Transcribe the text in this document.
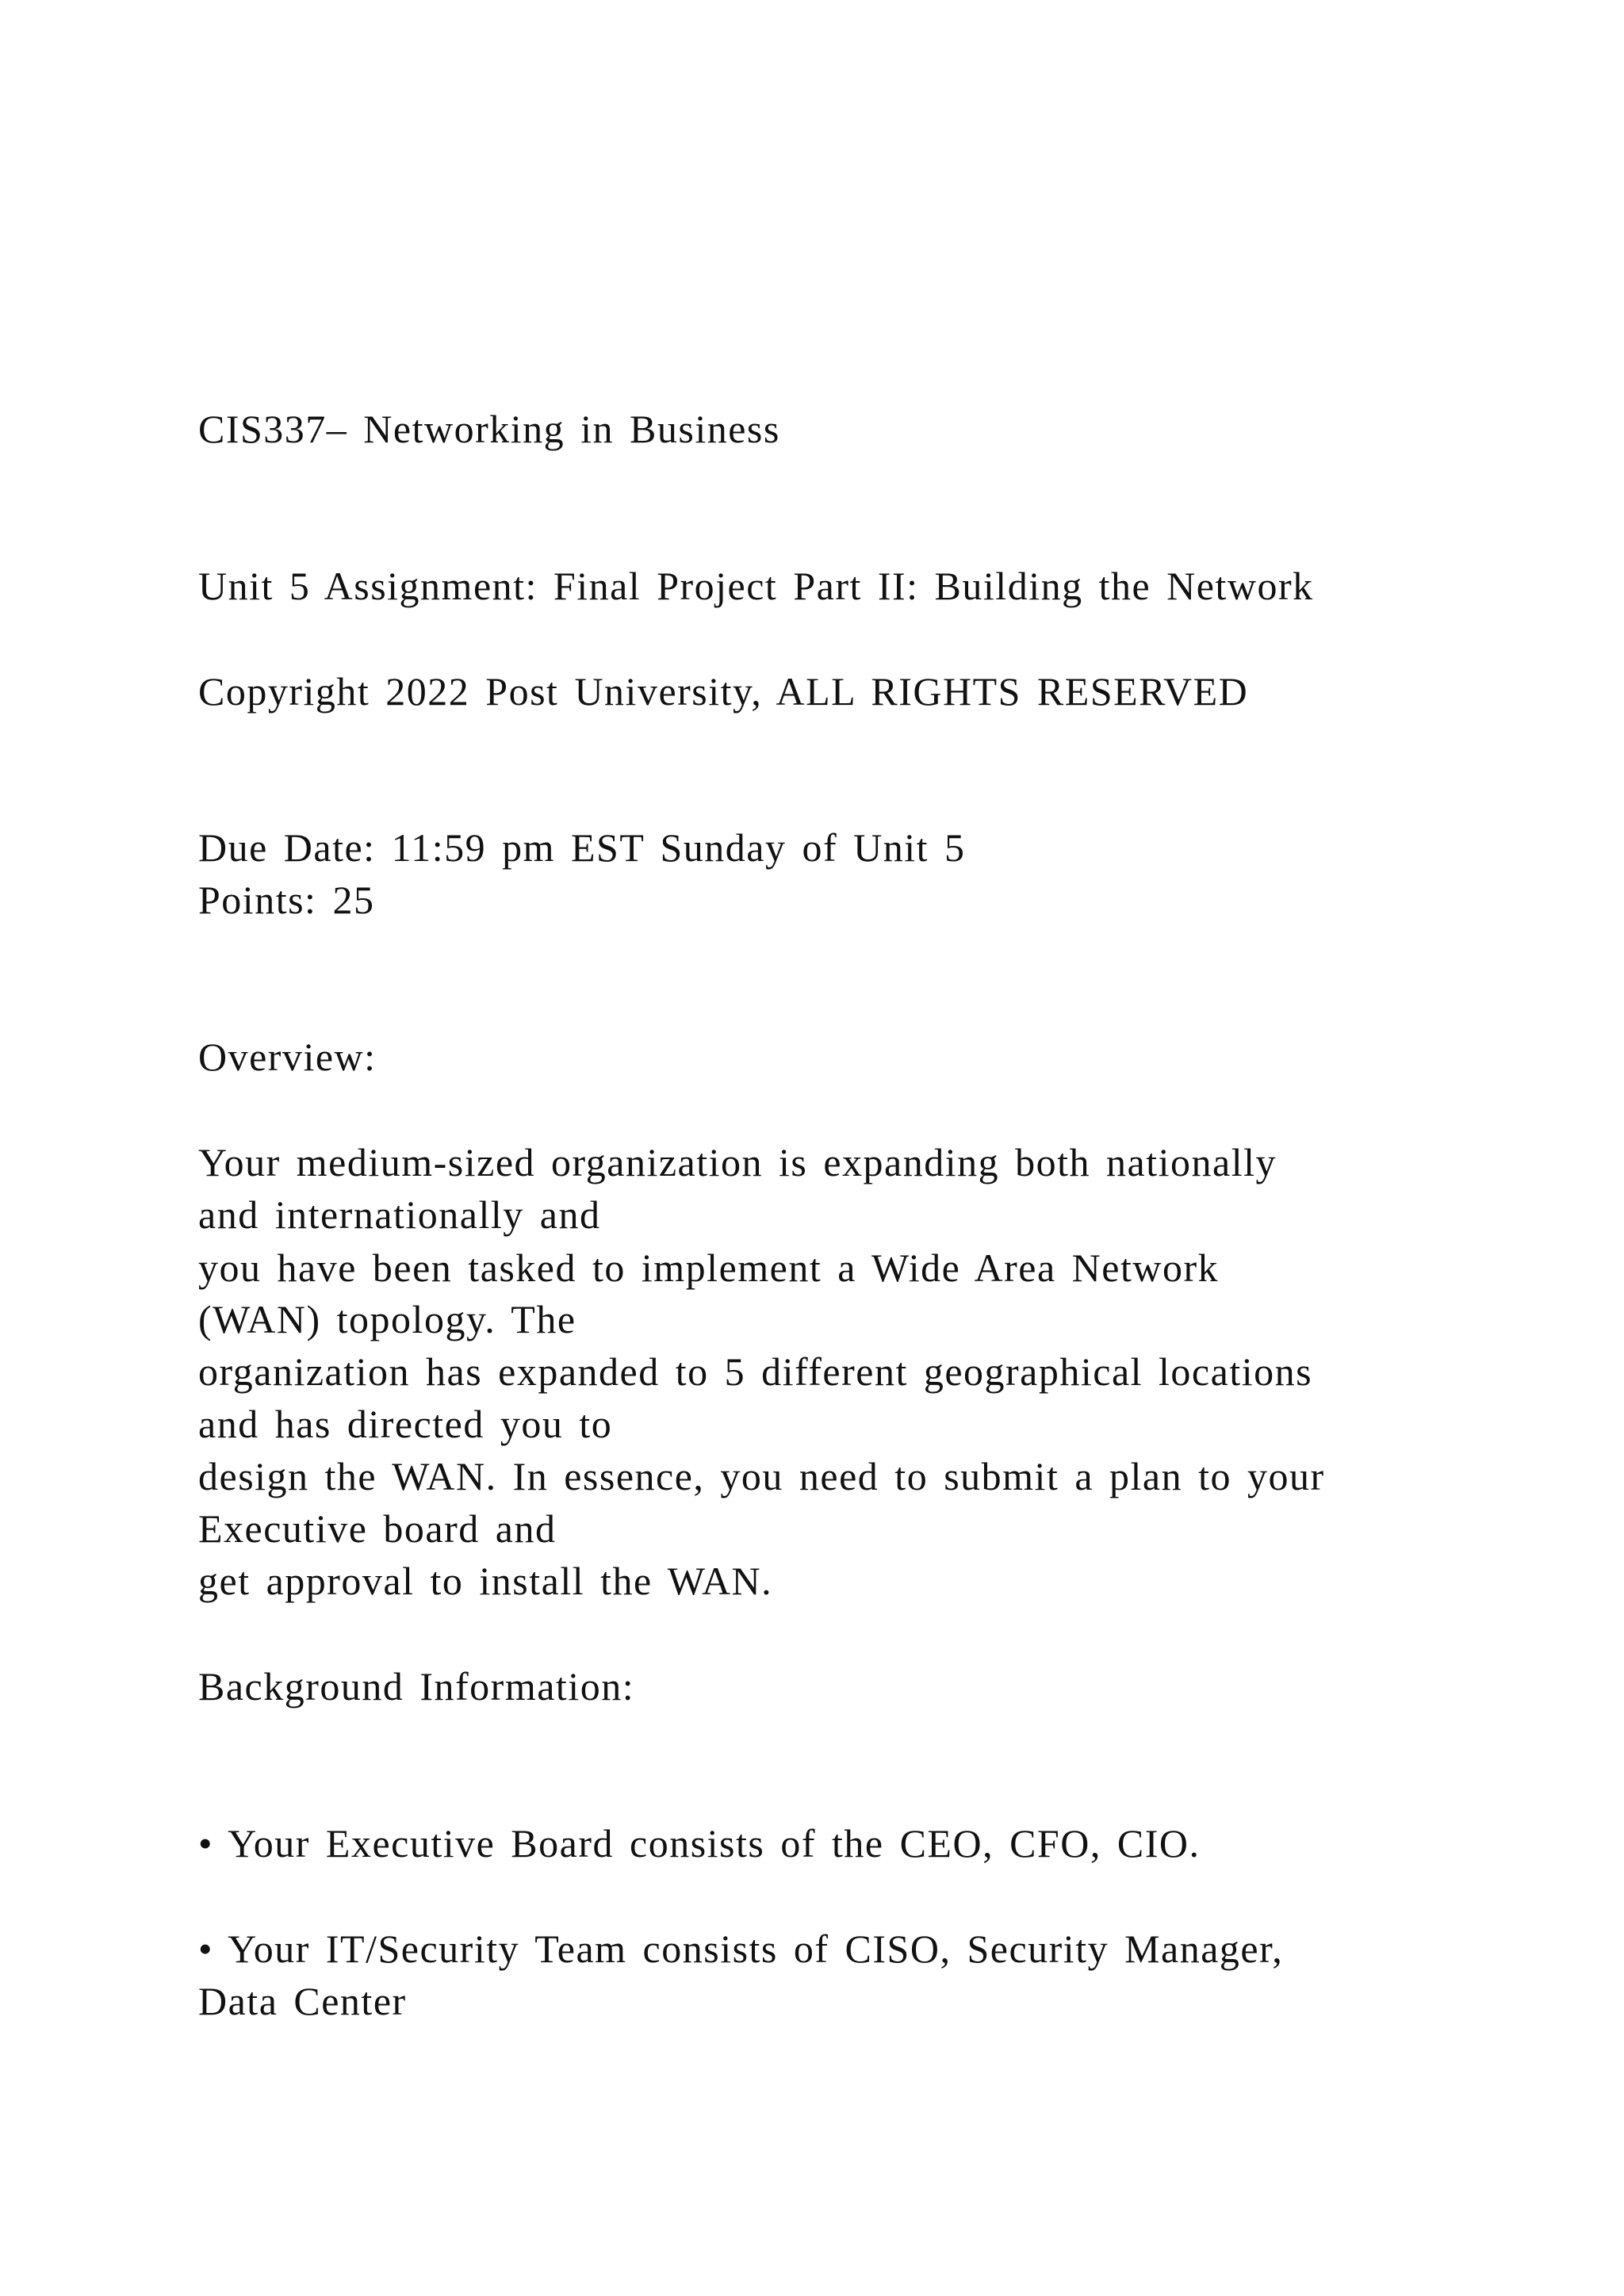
CIS337– Networking in Business
Unit 5 Assignment: Final Project Part II: Building the Network
Copyright 2022 Post University, ALL RIGHTS RESERVED
Due Date: 11:59 pm EST Sunday of Unit 5
Points: 25
Overview:
Your medium-sized organization is expanding both nationally
and internationally and
you have been tasked to implement a Wide Area Network
(WAN) topology. The
organization has expanded to 5 different geographical locations
and has directed you to
design the WAN. In essence, you need to submit a plan to your
Executive board and
get approval to install the WAN.
Background Information:
• Your Executive Board consists of the CEO, CFO, CIO.
• Your IT/Security Team consists of CISO, Security Manager,
Data Center
